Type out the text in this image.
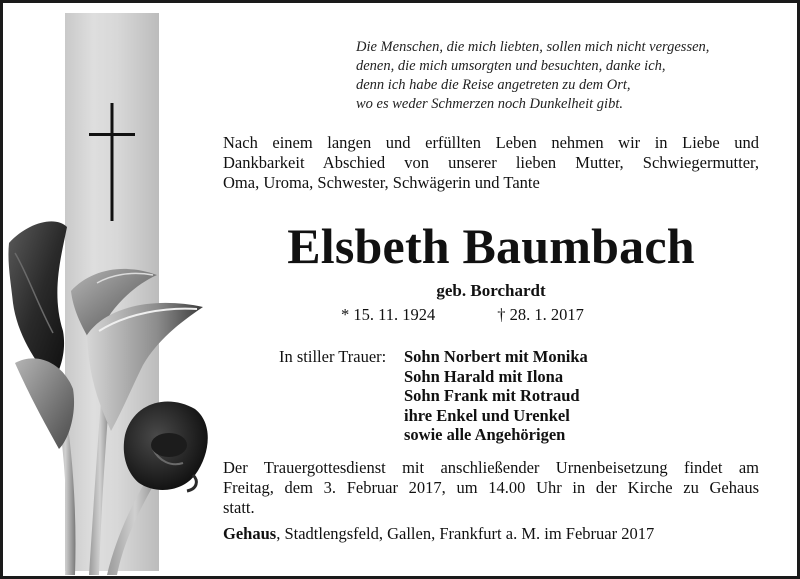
Die Menschen, die mich liebten, sollen mich nicht vergessen,
denen, die mich umsorgten und besuchten, danke ich,
denn ich habe die Reise angetreten zu dem Ort,
wo es weder Schmerzen noch Dunkelheit gibt.
Nach einem langen und erfüllten Leben nehmen wir in Liebe und
Dankbarkeit Abschied von unserer lieben Mutter, Schwiegermutter,
Oma, Uroma, Schwester, Schwägerin und Tante
Elsbeth Baumbach
geb. Borchardt
* 15. 11. 1924	† 28. 1. 2017
In stiller Trauer: Sohn Norbert mit Monika
Sohn Harald mit Ilona
Sohn Frank mit Rotraud
ihre Enkel und Urenkel
sowie alle Angehörigen
Der Trauergottesdienst mit anschließender Urnenbeisetzung findet am
Freitag, dem 3. Februar 2017, um 14.00 Uhr in der Kirche zu Gehaus
statt.
Gehaus, Stadtlengsfeld, Gallen, Frankfurt a. M. im Februar 2017
